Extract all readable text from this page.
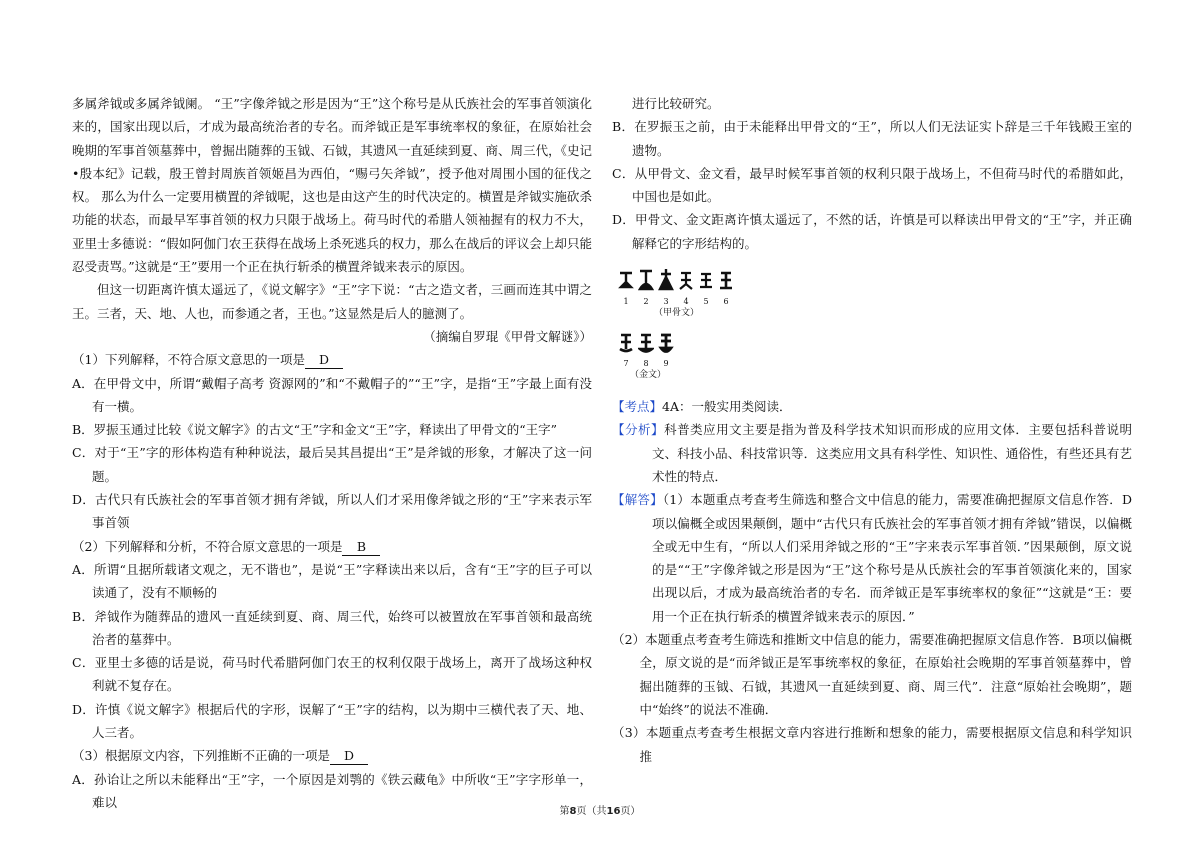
多属斧钺或多属斧钺阑。 “王”字像斧钺之形是因为“王”这个称号是从氏族社会的军事首领演化来的，国家出现以后，才成为最高统治者的专名。而斧钺正是军事统率权的象征，在原始社会晚期的军事首领墓葬中，曾掘出随葬的玉钺、石钺，其遗风一直延续到夏、商、周三代，《史记•殷本纪》记载，殷王曾封周族首领姬昌为西伯，“赐弓矢斧钺”，授予他对周围小国的征伐之权。 那么为什么一定要用横置的斧钺呢，这也是由这产生的时代决定的。横置是斧钺实施砍杀功能的状态，而最早军事首领的权力只限于战场上。荷马时代的希腊人领袖握有的权力不大，亚里士多德说：“假如阿伽门农王获得在战场上杀死逃兵的权力，那么在战后的评议会上却只能忍受责骂。”这就是“王”要用一个正在执行斩杀的横置斧钺来表示的原因。

但这一切距离许慎太遥远了，《说文解字》“王”字下说：“古之造文者，三画而连其中谓之王。三者，天、地、人也，而参通之者，王也。”这显然是后人的臆测了。

（摘编自罗琨《甲骨文解谜》）

（1）下列解释，不符合原文意思的一项是 D

A．在甲骨文中，所谓“戴帽子高考 资源网的”和“不戴帽子的”“王”字，是指“王”字最上面有没有一横。

B．罗振玉通过比较《说文解字》的古文“王”字和金文“王”字，释读出了甲骨文的“王字”

C．对于“王”字的形体构造有种种说法，最后吴其昌提出“王”是斧钺的形象，才解决了这一问题。

D．古代只有氏族社会的军事首领才拥有斧钺，所以人们才采用像斧钺之形的“王”字来表示军事首领

（2）下列解释和分析，不符合原文意思的一项是 B

A．所谓“且据所载诸文观之，无不谐也”，是说“王”字释读出来以后，含有“王”字的巨子可以读通了，没有不顺畅的

B．斧钺作为随葬品的遗风一直延续到夏、商、周三代，始终可以被置放在军事首领和最高统治者的墓葬中。

C．亚里士多德的话是说，荷马时代希腊阿伽门农王的权利仅限于战场上，离开了战场这种权利就不复存在。

D．许慎《说文解字》根据后代的字形，误解了“王”字的结构，以为期中三横代表了天、地、人三者。

（3）根据原文内容，下列推断不正确的一项是 D

A．孙诒让之所以未能释出“王”字，一个原因是刘鹗的《铁云藏龟》中所收“王”字字形单一，难以

进行比较研究。

B．在罗振玉之前，由于未能释出甲骨文的“王”，所以人们无法证实卜辞是三千年钱殿王室的遗物。

C．从甲骨文、金文看，最早时候军事首领的权利只限于战场上，不但荷马时代的希腊如此，中国也是如此。

D．甲骨文、金文距离许慎太遥远了，不然的话，许慎是可以释读出甲骨文的“王”字，并正确解释它的字形结构的。

1	2	3	4	5	6
（甲骨文）
7	8	9
（金文）

【考点】4A：一般实用类阅读．

【分析】科普类应用文主要是指为普及科学技术知识而形成的应用文体．主要包括科普说明文、科技小品、科技常识等．这类应用文具有科学性、知识性、通俗性，有些还具有艺术性的特点．

【解答】（1）本题重点考查考生筛选和整合文中信息的能力，需要准确把握原文信息作答．D项以偏概全或因果颠倒，题中“古代只有氏族社会的军事首领才拥有斧钺”错误，以偏概全或无中生有，“所以人们采用斧钺之形的“王”字来表示军事首领．”因果颠倒，原文说的是““王”字像斧钺之形是因为“王”这个称号是从氏族社会的军事首领演化来的，国家出现以后，才成为最高统治者的专名．而斧钺正是军事统率权的象征”“这就是“王：要用一个正在执行斩杀的横置斧钺来表示的原因．”

（2）本题重点考查考生筛选和推断文中信息的能力，需要准确把握原文信息作答．B项以偏概全，原文说的是“而斧钺正是军事统率权的象征，在原始社会晚期的军事首领墓葬中，曾掘出随葬的玉钺、石钺，其遗风一直延续到夏、商、周三代”．注意“原始社会晚期”，题中“始终”的说法不准确．

（3）本题重点考查考生根据文章内容进行推断和想象的能力，需要根据原文信息和科学知识推

第8页（共16页）
